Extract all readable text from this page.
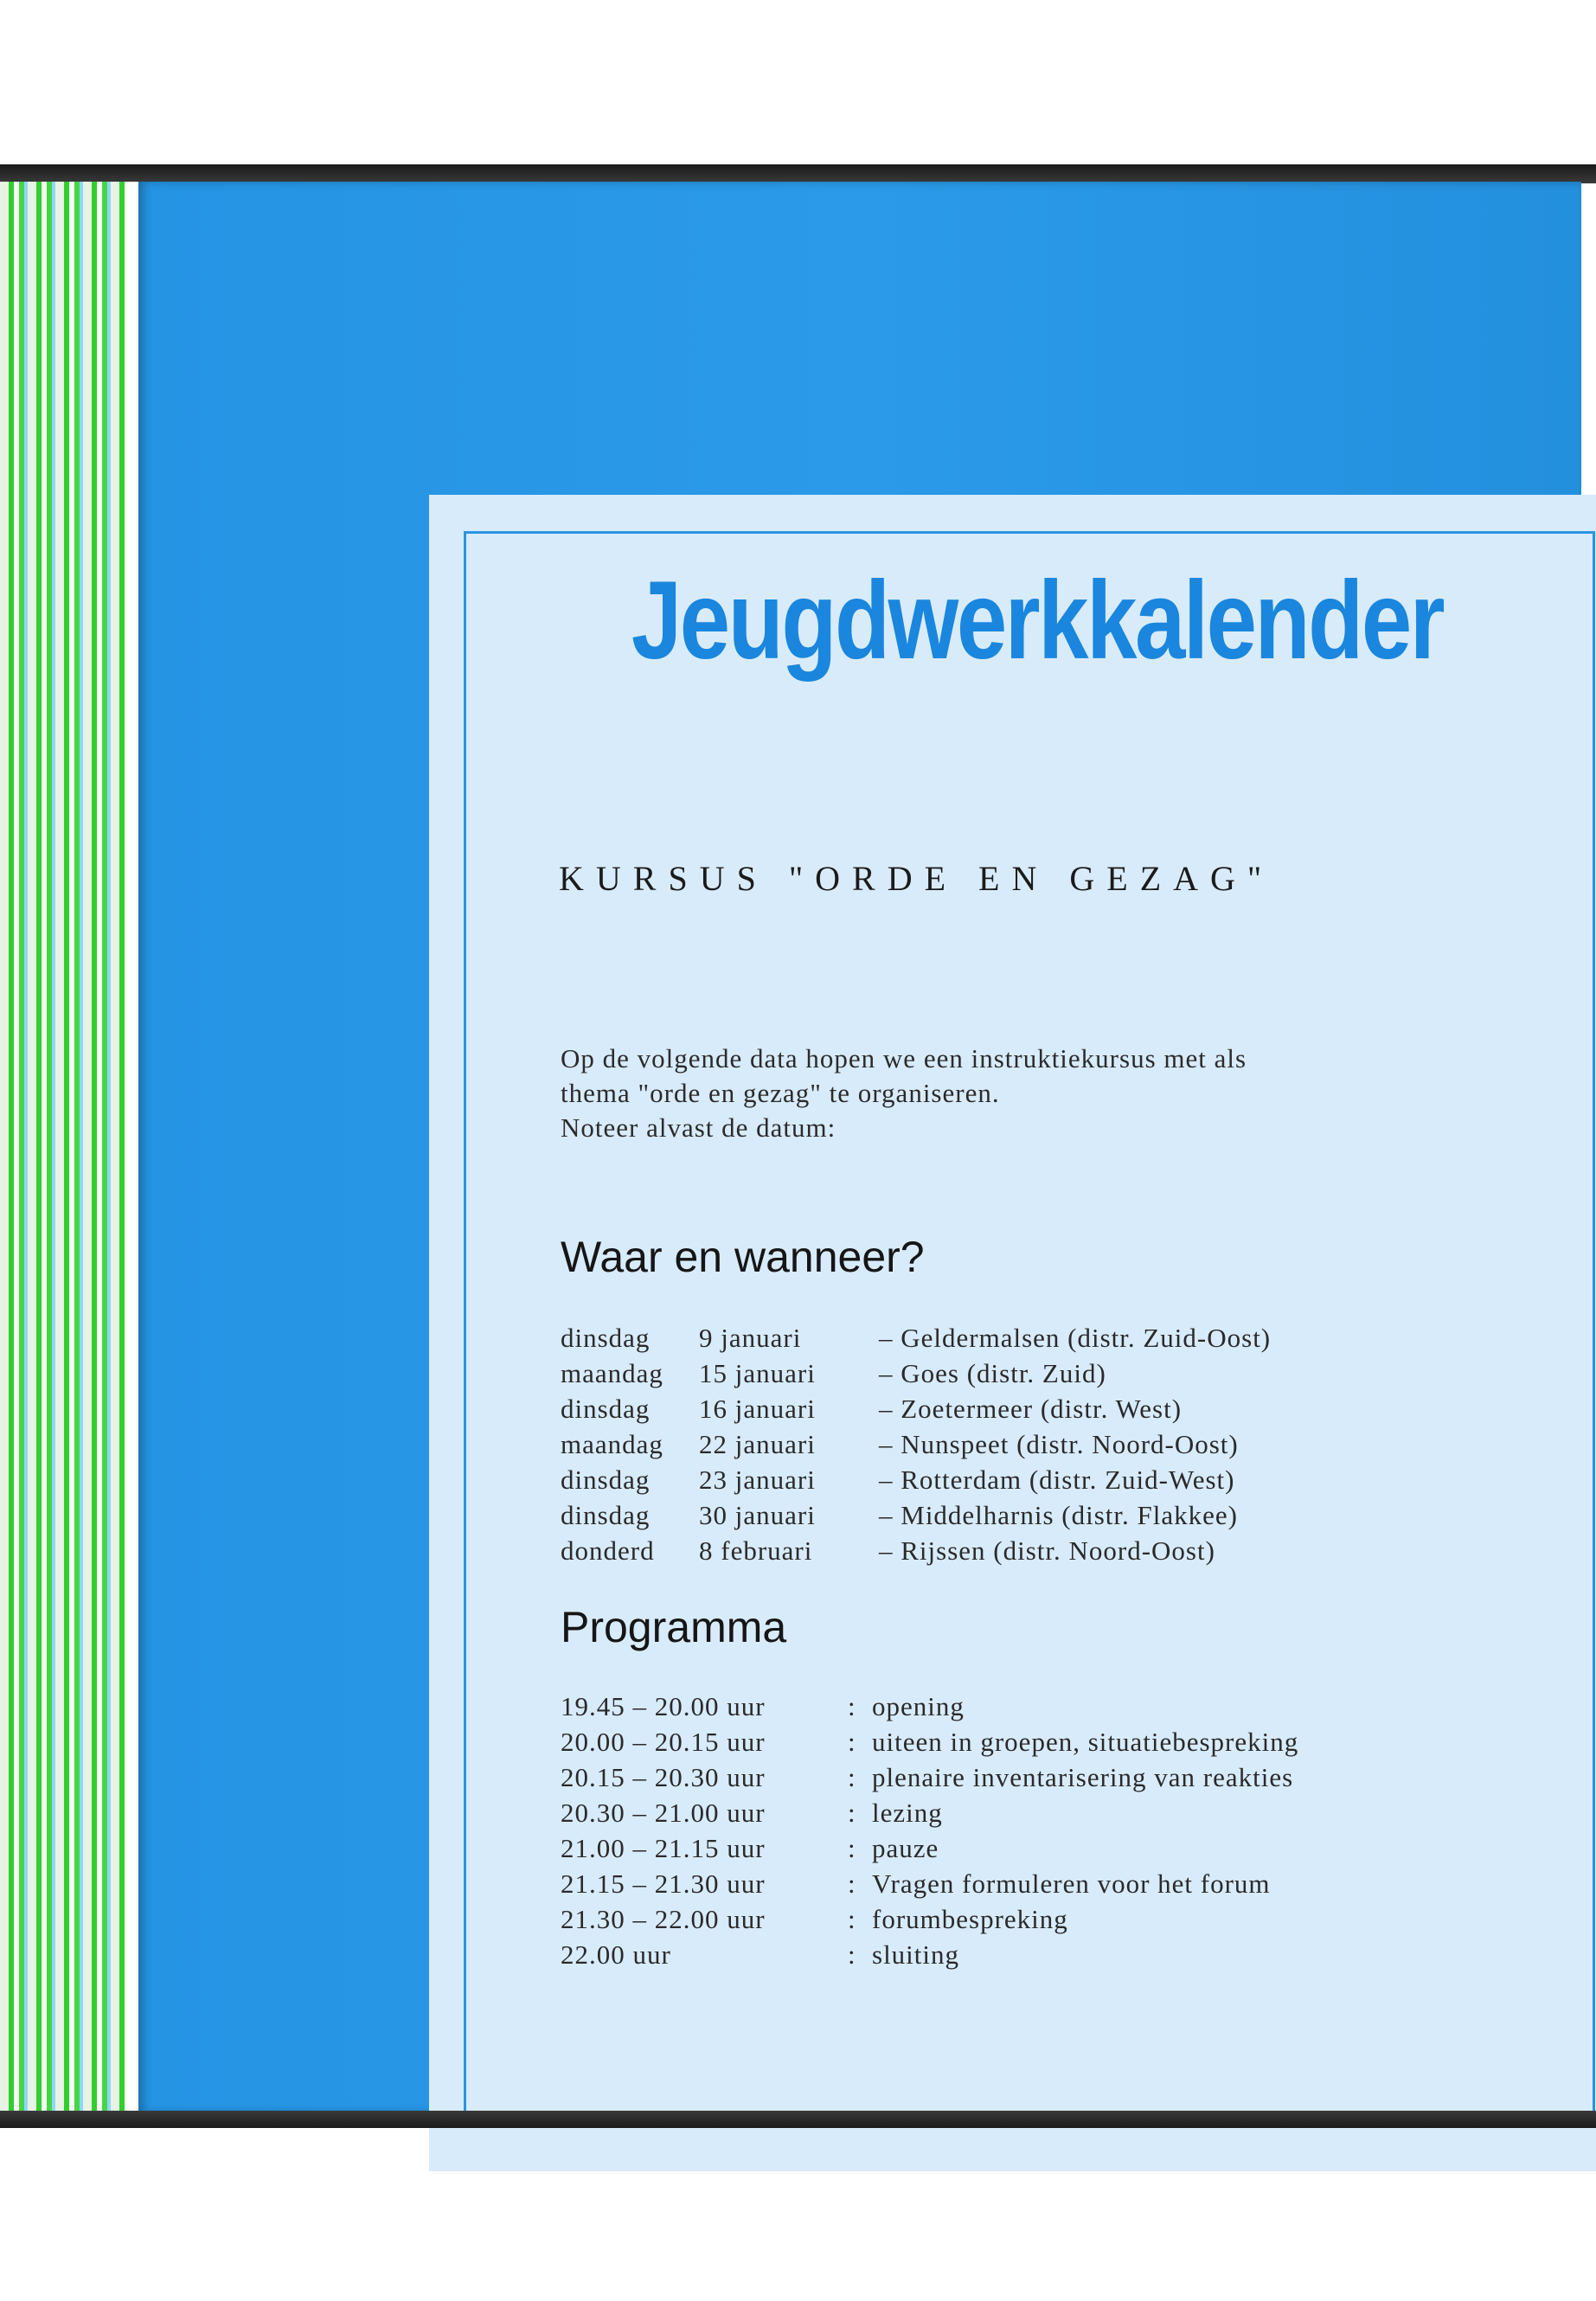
Jeugdwerkkalender
KURSUS "ORDE EN GEZAG"
Op de volgende data hopen we een instruktiekursus met als
thema "orde en gezag" te organiseren.
Noteer alvast de datum:
Waar en wanneer?
dinsdag	9 januari	– Geldermalsen (distr. Zuid-Oost)
maandag	15 januari	– Goes (distr. Zuid)
dinsdag	16 januari	– Zoetermeer (distr. West)
maandag	22 januari	– Nunspeet (distr. Noord-Oost)
dinsdag	23 januari	– Rotterdam (distr. Zuid-West)
dinsdag	30 januari	– Middelharnis (distr. Flakkee)
donderd	8 februari	– Rijssen (distr. Noord-Oost)
Programma
19.45 – 20.00 uur	: opening
20.00 – 20.15 uur	: uiteen in groepen, situatiebespreking
20.15 – 20.30 uur	: plenaire inventarisering van reakties
20.30 – 21.00 uur	: lezing
21.00 – 21.15 uur	: pauze
21.15 – 21.30 uur	: Vragen formuleren voor het forum
21.30 – 22.00 uur	: forumbespreking
22.00 uur	: sluiting
